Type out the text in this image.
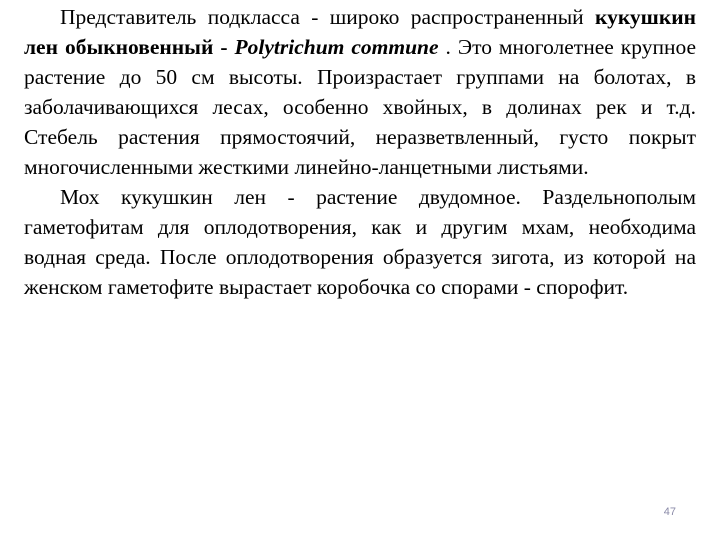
Представитель подкласса - широко распространенный кукушкин лен обыкновенный - Polytrichum commune . Это многолетнее крупное растение до 50 см высоты. Произрастает группами на болотах, в заболачивающихся лесах, особенно хвойных, в долинах рек и т.д. Стебель растения прямостоячий, неразветвленный, густо покрыт многочисленными жесткими линейно-ланцетными листьями.

Мох кукушкин лен - растение двудомное. Раздельнополым гаметофитам для оплодотворения, как и другим мхам, необходима водная среда. После оплодотворения образуется зигота, из которой на женском гаметофите вырастает коробочка со спорами - спорофит.

47
